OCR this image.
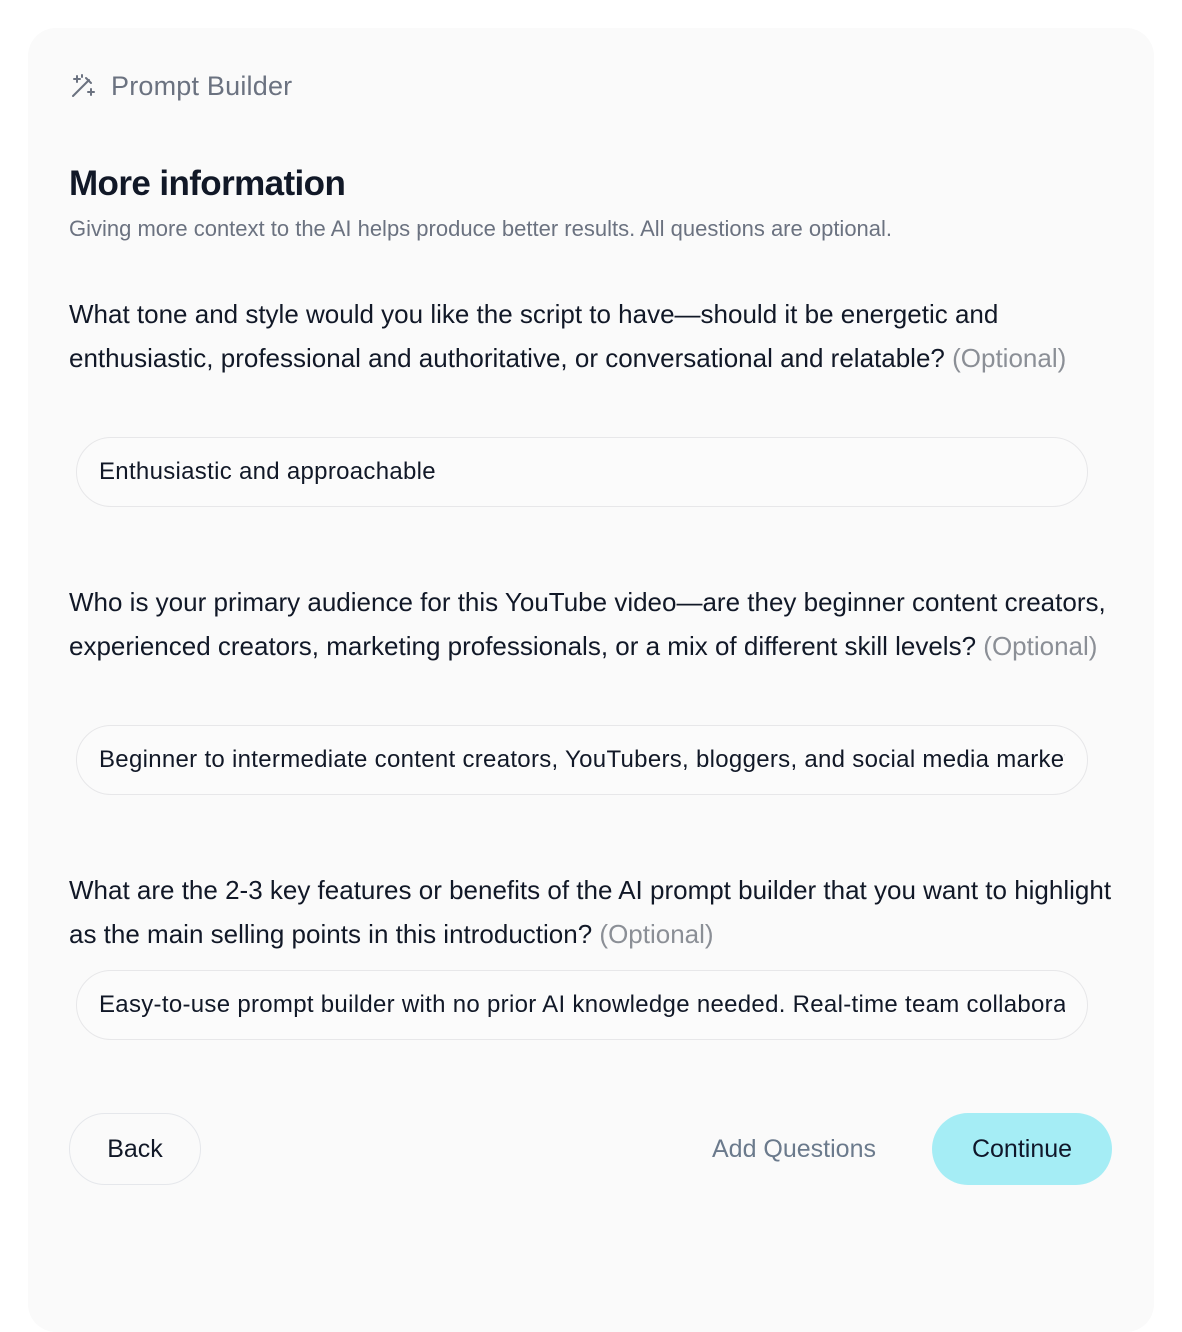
Prompt Builder
More information
Giving more context to the AI helps produce better results. All questions are optional.
What tone and style would you like the script to have—should it be energetic and enthusiastic, professional and authoritative, or conversational and relatable? (Optional)
Enthusiastic and approachable
Who is your primary audience for this YouTube video—are they beginner content creators, experienced creators, marketing professionals, or a mix of different skill levels? (Optional)
Beginner to intermediate content creators, YouTubers, bloggers, and social media marketers
What are the 2-3 key features or benefits of the AI prompt builder that you want to highlight as the main selling points in this introduction? (Optional)
Easy-to-use prompt builder with no prior AI knowledge needed. Real-time team collaboration
Back	Add Questions	Continue
